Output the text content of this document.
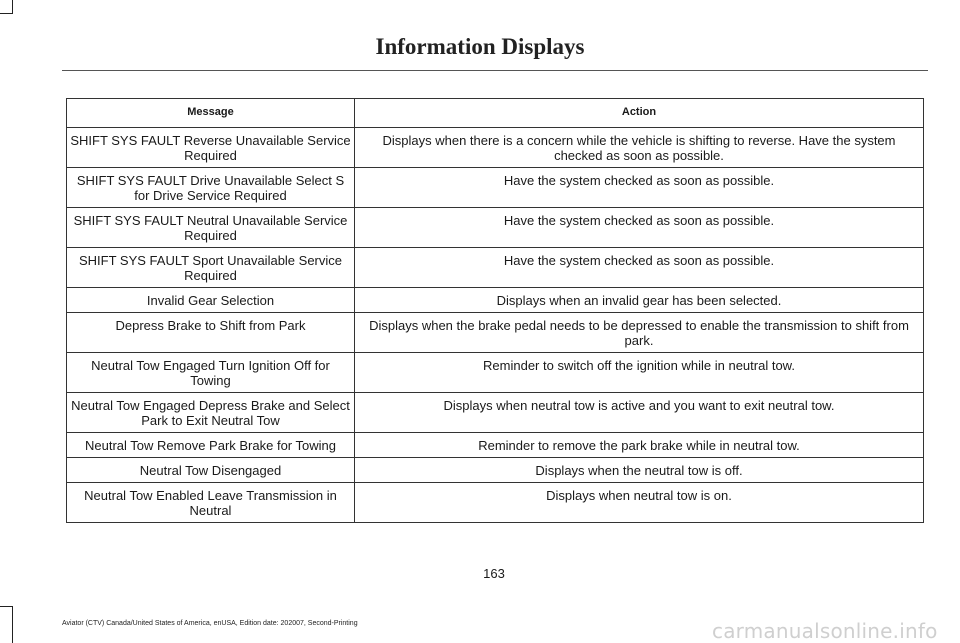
Information Displays
Message	Action
SHIFT SYS FAULT Reverse Unavailable Service Required	Displays when there is a concern while the vehicle is shifting to reverse. Have the system checked as soon as possible.
SHIFT SYS FAULT Drive Unavailable Select S for Drive Service Required	Have the system checked as soon as possible.
SHIFT SYS FAULT Neutral Unavailable Service Required	Have the system checked as soon as possible.
SHIFT SYS FAULT Sport Unavailable Service Required	Have the system checked as soon as possible.
Invalid Gear Selection	Displays when an invalid gear has been selected.
Depress Brake to Shift from Park	Displays when the brake pedal needs to be depressed to enable the transmission to shift from park.
Neutral Tow Engaged Turn Ignition Off for Towing	Reminder to switch off the ignition while in neutral tow.
Neutral Tow Engaged Depress Brake and Select Park to Exit Neutral Tow	Displays when neutral tow is active and you want to exit neutral tow.
Neutral Tow Remove Park Brake for Towing	Reminder to remove the park brake while in neutral tow.
Neutral Tow Disengaged	Displays when the neutral tow is off.
Neutral Tow Enabled Leave Transmission in Neutral	Displays when neutral tow is on.
163
Aviator (CTV) Canada/United States of America, enUSA, Edition date: 202007, Second-Printing	carmanualsonline.info
